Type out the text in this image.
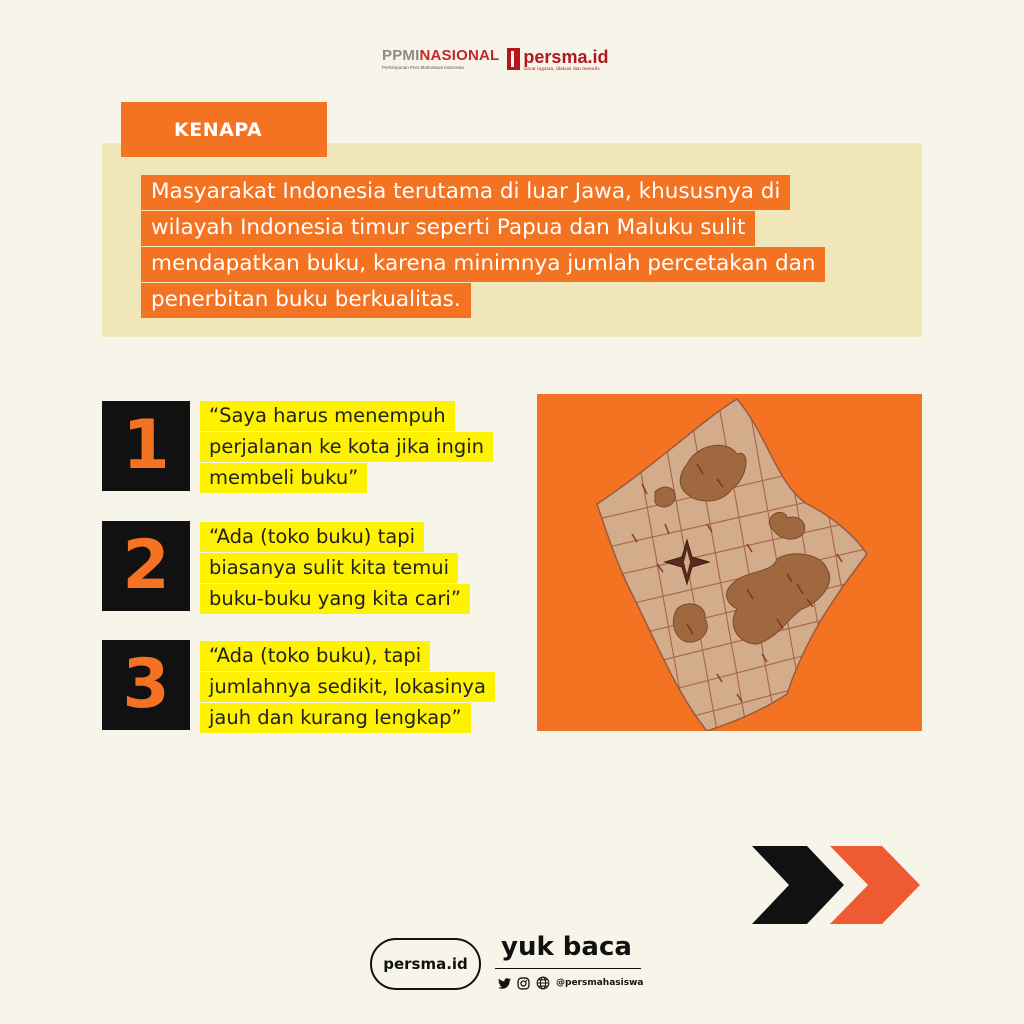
PPMINASIONAL
Perhimpunan Pers Mahasiswa Indonesia
persma.id
rawat ingatan, diskusi dan menulis
KENAPA
Masyarakat Indonesia terutama di luar Jawa, khususnya di wilayah Indonesia timur seperti Papua dan Maluku sulit mendapatkan buku, karena minimnya jumlah percetakan dan penerbitan buku berkualitas.
1	“Saya harus menempuh perjalanan ke kota jika ingin membeli buku”
2	“Ada (toko buku) tapi biasanya sulit kita temui buku-buku yang kita cari”
3	“Ada (toko buku), tapi jumlahnya sedikit, lokasinya jauh dan kurang lengkap”
persma.id
yuk baca
@persmahasiswa
